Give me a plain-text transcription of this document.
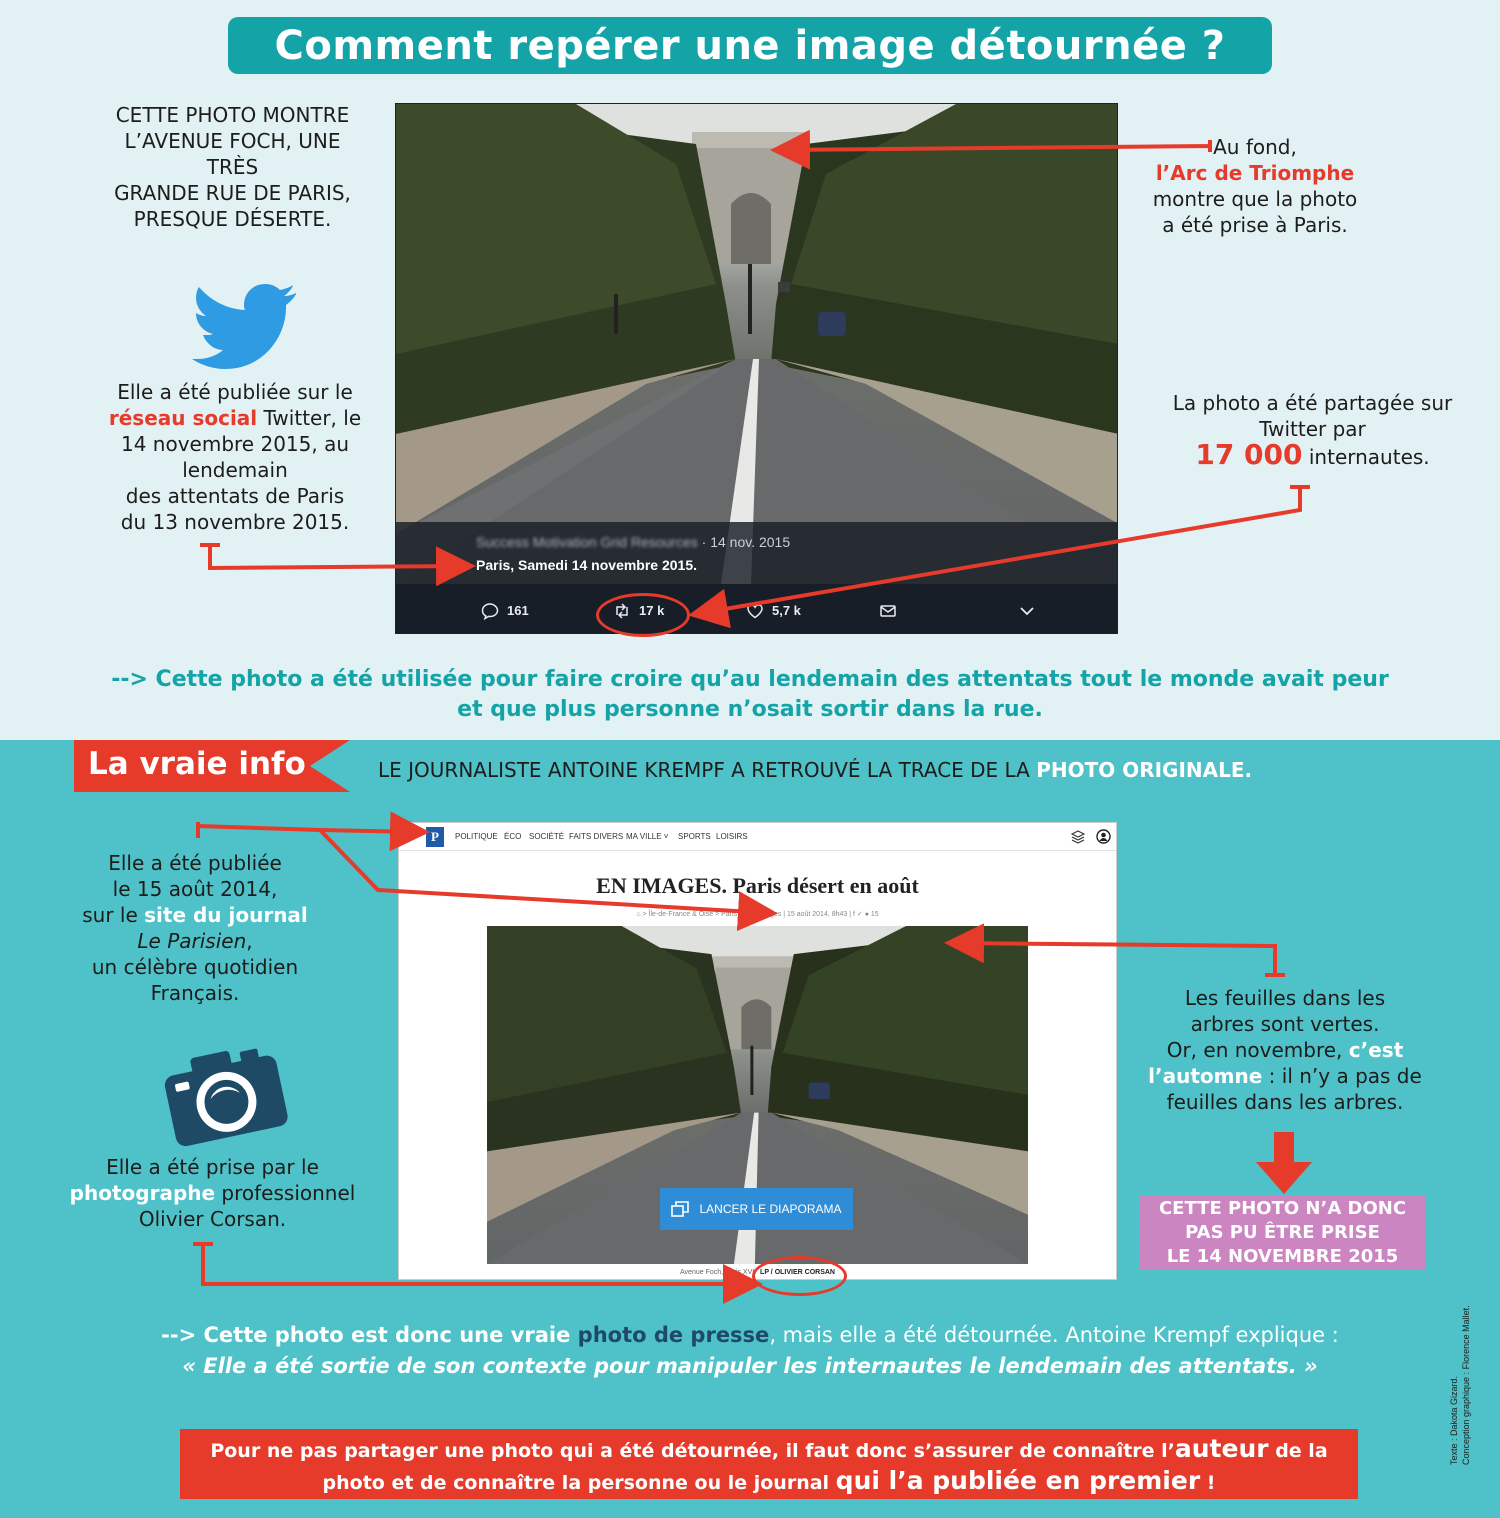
Comment repérer une image détournée ?
CETTE PHOTO MONTRE
L’AVENUE FOCH, UNE TRÈS
GRANDE RUE DE PARIS,
PRESQUE DÉSERTE.
Elle a été publiée sur le
réseau social Twitter, le
14 novembre 2015, au
lendemain
des attentats de Paris
du 13 novembre 2015.
Au fond,
l’Arc de Triomphe
montre que la photo
a été prise à Paris.
La photo a été partagée sur
Twitter par
17 000 internautes.
Success Motivation Grid Resources · 14 nov. 2015
Paris, Samedi 14 novembre 2015.
161	17 k	5,7 k
--> Cette photo a été utilisée pour faire croire qu’au lendemain des attentats tout le monde avait peur
et que plus personne n’osait sortir dans la rue.
La vraie info	LE JOURNALISTE ANTOINE KREMPF A RETROUVÉ LA TRACE DE LA PHOTO ORIGINALE.
P	POLITIQUE ÉCO SOCIÉTÉ FAITS DIVERS MA VILLE ˅ SPORTS LOISIRS
EN IMAGES. Paris désert en août
⌂ > Île-de-France & Oise > Paris | Pole images | 15 août 2014, 8h43 | f ✓ ● 15
LANCER LE DIAPORAMA
Avenue Foch, Paris XVI LP / OLIVIER CORSAN
Elle a été publiée
le 15 août 2014,
sur le site du journal
Le Parisien,
un célèbre quotidien
Français.
Elle a été prise par le
photographe professionnel
Olivier Corsan.
Les feuilles dans les
arbres sont vertes.
Or, en novembre, c’est
l’automne : il n’y a pas de
feuilles dans les arbres.
CETTE PHOTO N’A DONC
PAS PU ÊTRE PRISE
LE 14 NOVEMBRE 2015
--> Cette photo est donc une vraie photo de presse, mais elle a été détournée. Antoine Krempf explique :
« Elle a été sortie de son contexte pour manipuler les internautes le lendemain des attentats. »
Pour ne pas partager une photo qui a été détournée, il faut donc s’assurer de connaître l’auteur de la
photo et de connaître la personne ou le journal qui l’a publiée en premier !
Texte : Dakota Gizard. Conception graphique : Florence Mallet.
